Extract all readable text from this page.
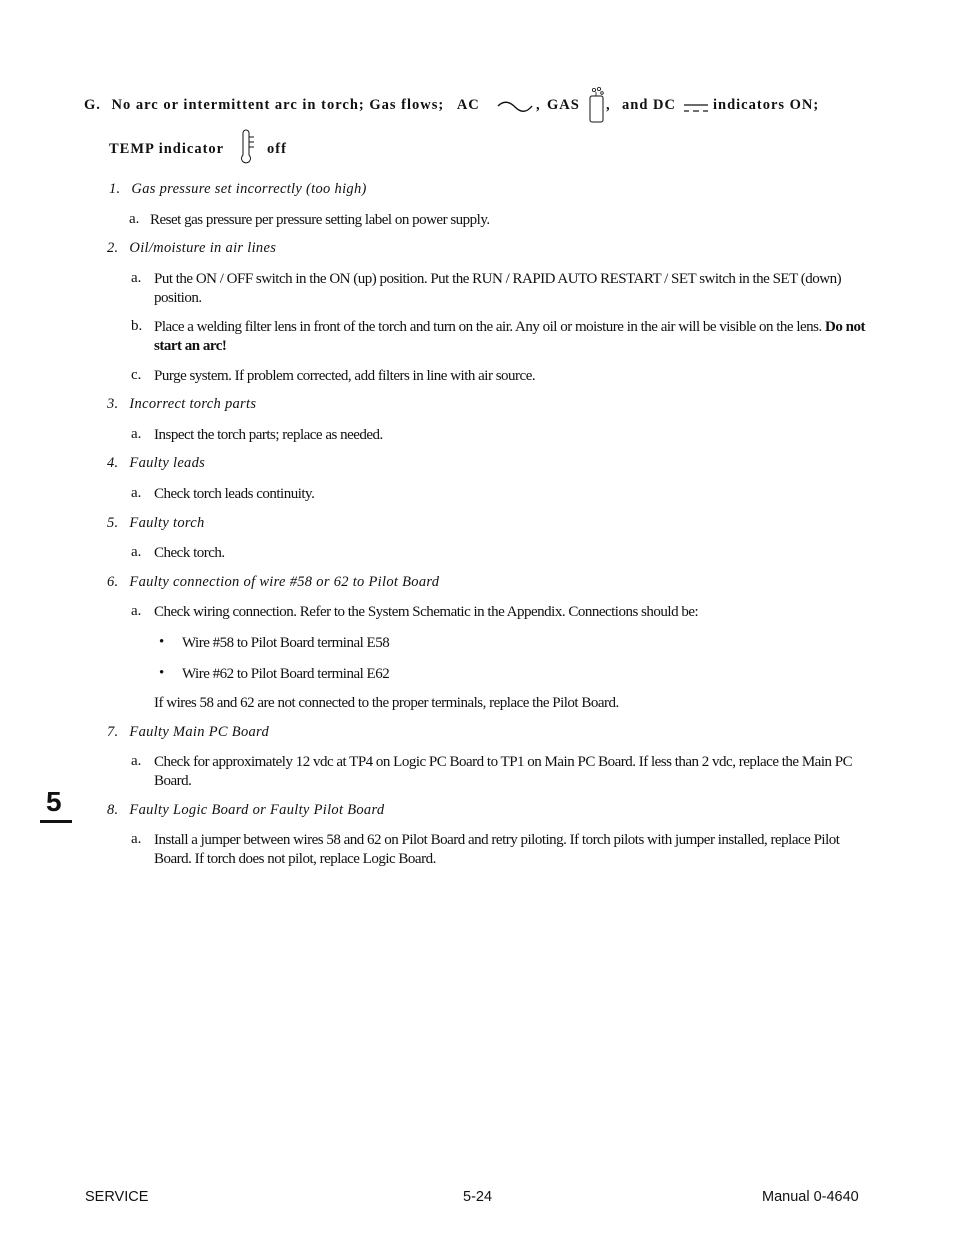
G. No arc or intermittent arc in torch; Gas flows; AC	, GAS , and DC	indicators ON;
TEMP indicator	off
1. Gas pressure set incorrectly (too high)
a. Reset gas pressure per pressure setting label on power supply.
2. Oil/moisture in air lines
a. Put the ON / OFF switch in the ON (up) position. Put the RUN / RAPID AUTO RESTART / SET switch in the SET (down) position.
b. Place a welding filter lens in front of the torch and turn on the air. Any oil or moisture in the air will be visible on the lens. Do not start an arc!
c. Purge system. If problem corrected, add filters in line with air source.
3. Incorrect torch parts
a. Inspect the torch parts; replace as needed.
4. Faulty leads
a. Check torch leads continuity.
5. Faulty torch
a. Check torch.
6. Faulty connection of wire #58 or 62 to Pilot Board
a. Check wiring connection. Refer to the System Schematic in the Appendix. Connections should be:
• Wire #58 to Pilot Board terminal E58
• Wire #62 to Pilot Board terminal E62
If wires 58 and 62 are not connected to the proper terminals, replace the Pilot Board.
7. Faulty Main PC Board
a. Check for approximately 12 vdc at TP4 on Logic PC Board to TP1 on Main PC Board. If less than 2 vdc, replace the Main PC Board.
5	8. Faulty Logic Board or Faulty Pilot Board
a. Install a jumper between wires 58 and 62 on Pilot Board and retry piloting. If torch pilots with jumper installed, replace Pilot Board. If torch does not pilot, replace Logic Board.
SERVICE	5-24	Manual 0-4640
